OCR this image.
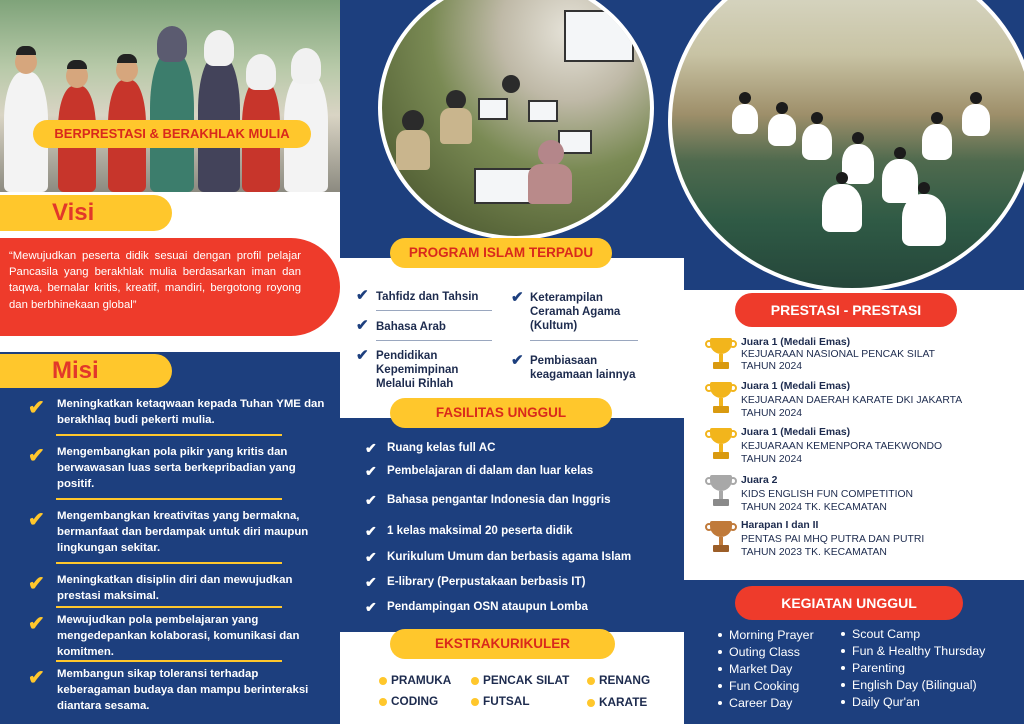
BERPRESTASI & BERAKHLAK MULIA
Visi
“Mewujudkan peserta didik sesuai dengan profil pelajar Pancasila yang berakhlak mulia berdasarkan iman dan taqwa, bernalar kritis, kreatif, mandiri, bergotong royong dan berbhinekaan global”
Misi
✔ Meningkatkan ketaqwaan kepada Tuhan YME dan berakhlaq budi pekerti mulia.
✔ Mengembangkan pola pikir yang kritis dan berwawasan luas serta berkepribadian yang positif.
✔ Mengembangkan kreativitas yang bermakna, bermanfaat dan berdampak untuk diri maupun lingkungan sekitar.
✔ Meningkatkan disiplin diri dan mewujudkan prestasi maksimal.
✔ Mewujudkan pola pembelajaran yang mengedepankan kolaborasi, komunikasi dan komitmen.
✔ Membangun sikap toleransi terhadap keberagaman budaya dan mampu berinteraksi diantara sesama.
PROGRAM ISLAM TERPADU
✔ Tahfidz dan Tahsin
✔ Bahasa Arab
✔ Pendidikan Kepemimpinan Melalui Rihlah
✔ Keterampilan Ceramah Agama (Kultum)
✔ Pembiasaan keagamaan lainnya
FASILITAS UNGGUL
✔ Ruang kelas full AC
✔ Pembelajaran di dalam dan luar kelas
✔ Bahasa pengantar Indonesia dan Inggris
✔ 1 kelas maksimal 20 peserta didik
✔ Kurikulum Umum dan berbasis agama Islam
✔ E-library (Perpustakaan berbasis IT)
✔ Pendampingan OSN ataupun Lomba
EKSTRAKURIKULER
PRAMUKA	PENCAK SILAT	RENANG
CODING	FUTSAL	KARATE
PRESTASI - PRESTASI
Juara 1 (Medali Emas)
KEJUARAAN NASIONAL PENCAK SILAT
TAHUN 2024
Juara 1 (Medali Emas)
KEJUARAAN DAERAH KARATE DKI JAKARTA
TAHUN 2024
Juara 1 (Medali Emas)
KEJUARAAN KEMENPORA TAEKWONDO
TAHUN 2024
Juara 2
KIDS ENGLISH FUN COMPETITION
TAHUN 2024 TK. KECAMATAN
Harapan I dan II
PENTAS PAI MHQ PUTRA DAN PUTRI
TAHUN 2023 TK. KECAMATAN
KEGIATAN UNGGUL
Morning Prayer
Outing Class
Market Day
Fun Cooking
Career Day
Scout Camp
Fun & Healthy Thursday
Parenting
English Day (Bilingual)
Daily Qur'an
